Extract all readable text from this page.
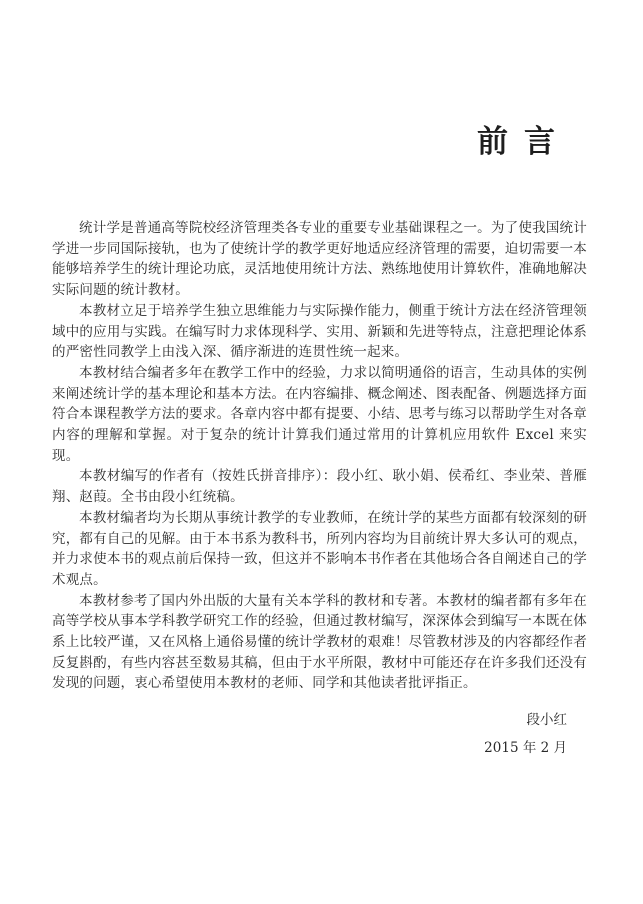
前言

统计学是普通高等院校经济管理类各专业的重要专业基础课程之一。为了使我国统计学进一步同国际接轨，也为了使统计学的教学更好地适应经济管理的需要，迫切需要一本能够培养学生的统计理论功底，灵活地使用统计方法、熟练地使用计算软件，准确地解决实际问题的统计教材。

本教材立足于培养学生独立思维能力与实际操作能力，侧重于统计方法在经济管理领域中的应用与实践。在编写时力求体现科学、实用、新颖和先进等特点，注意把理论体系的严密性同教学上由浅入深、循序渐进的连贯性统一起来。

本教材结合编者多年在教学工作中的经验，力求以简明通俗的语言，生动具体的实例来阐述统计学的基本理论和基本方法。在内容编排、概念阐述、图表配备、例题选择方面符合本课程教学方法的要求。各章内容中都有提要、小结、思考与练习以帮助学生对各章内容的理解和掌握。对于复杂的统计计算我们通过常用的计算机应用软件 Excel 来实现。

本教材编写的作者有（按姓氏拼音排序）：段小红、耿小娟、侯希红、李业荣、普雁翔、赵葭。全书由段小红统稿。

本教材编者均为长期从事统计教学的专业教师，在统计学的某些方面都有较深刻的研究，都有自己的见解。由于本书系为教科书，所列内容均为目前统计界大多认可的观点，并力求使本书的观点前后保持一致，但这并不影响本书作者在其他场合各自阐述自己的学术观点。

本教材参考了国内外出版的大量有关本学科的教材和专著。本教材的编者都有多年在高等学校从事本学科教学研究工作的经验，但通过教材编写，深深体会到编写一本既在体系上比较严谨，又在风格上通俗易懂的统计学教材的艰难！尽管教材涉及的内容都经作者反复斟酌，有些内容甚至数易其稿，但由于水平所限，教材中可能还存在许多我们还没有发现的问题，衷心希望使用本教材的老师、同学和其他读者批评指正。

段小红
2015 年 2 月
